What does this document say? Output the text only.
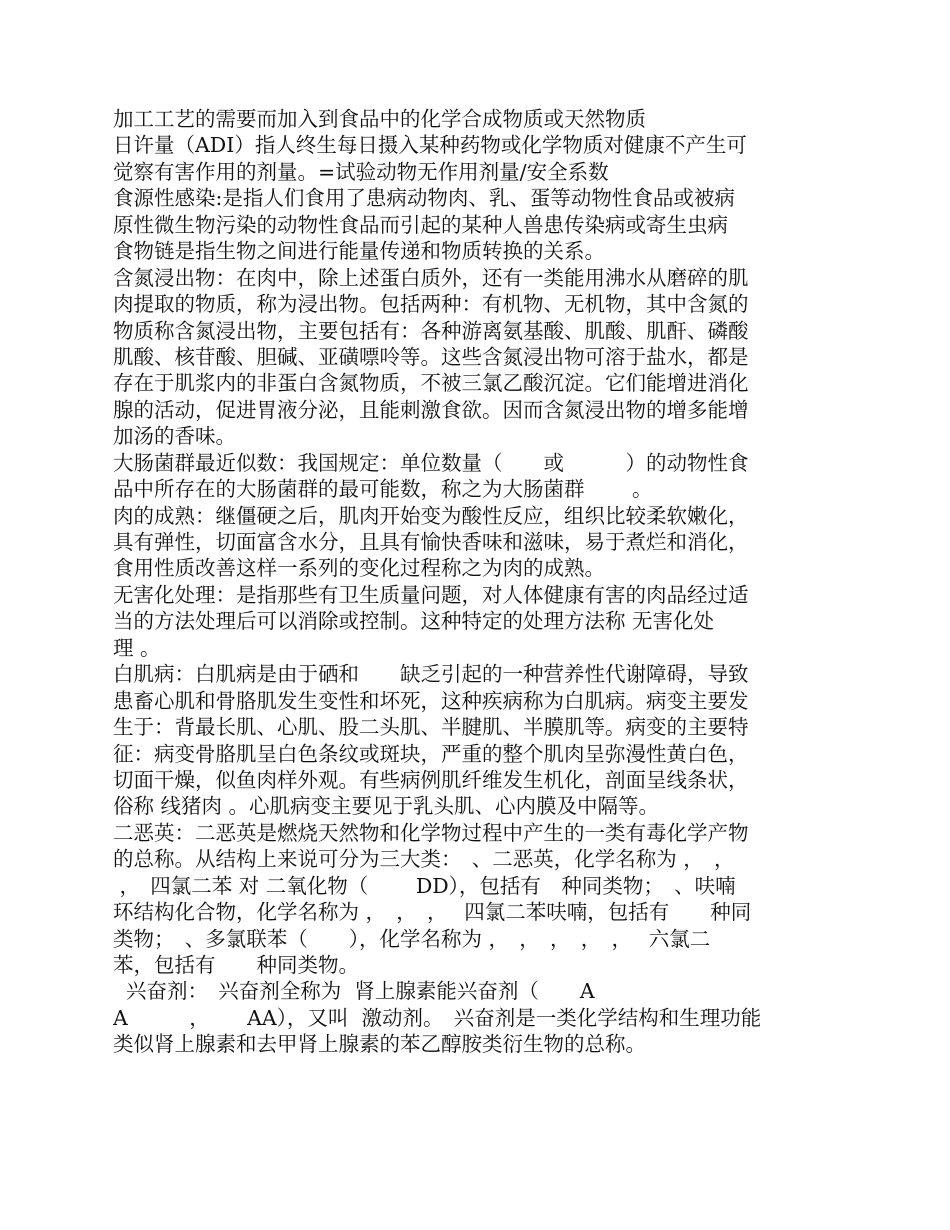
加工工艺的需要而加入到食品中的化学合成物质或天然物质
日许量（ADI）指人终生每日摄入某种药物或化学物质对健康不产生可
觉察有害作用的剂量。=试验动物无作用剂量/安全系数
食源性感染:是指人们食用了患病动物肉、乳、蛋等动物性食品或被病
原性微生物污染的动物性食品而引起的某种人兽患传染病或寄生虫病
食物链是指生物之间进行能量传递和物质转换的关系。
含氮浸出物：在肉中，除上述蛋白质外，还有一类能用沸水从磨碎的肌
肉提取的物质，称为浸出物。包括两种：有机物、无机物，其中含氮的
物质称含氮浸出物，主要包括有：各种游离氨基酸、肌酸、肌酐、磷酸
肌酸、核苷酸、胆碱、亚磺嘌呤等。这些含氮浸出物可溶于盐水，都是
存在于肌浆内的非蛋白含氮物质，不被三氯乙酸沉淀。它们能增进消化
腺的活动，促进胃液分泌，且能刺激食欲。因而含氮浸出物的增多能增
加汤的香味。
大肠菌群最近似数：我国规定：单位数量（　　或　　　）的动物性食
品中所存在的大肠菌群的最可能数，称之为大肠菌群　　 。
肉的成熟：继僵硬之后，肌肉开始变为酸性反应，组织比较柔软嫩化，
具有弹性，切面富含水分，且具有愉快香味和滋味，易于煮烂和消化，
食用性质改善这样一系列的变化过程称之为肉的成熟。
无害化处理：是指那些有卫生质量问题，对人体健康有害的肉品经过适
当的方法处理后可以消除或控制。这种特定的处理方法称 无害化处
理 。
白肌病：白肌病是由于硒和　　缺乏引起的一种营养性代谢障碍，导致
患畜心肌和骨胳肌发生变性和坏死，这种疾病称为白肌病。病变主要发
生于：背最长肌、心肌、股二头肌、半腱肌、半膜肌等。病变的主要特
征：病变骨胳肌呈白色条纹或斑块，严重的整个肌肉呈弥漫性黄白色，
切面干燥，似鱼肉样外观。有些病例肌纤维发生机化，剖面呈线条状，
俗称 线猪肉 。心肌病变主要见于乳头肌、心内膜及中隔等。
二恶英：二恶英是燃烧天然物和化学物过程中产生的一类有毒化学产物
的总称。从结构上来说可分为三大类：　、二恶英，化学名称为 ，　，
，　四氯二苯 对 二氧化物（　　 DD），包括有　种同类物；　、呋喃
环结构化合物，化学名称为 ，　，　，　 四氯二苯呋喃，包括有　　种同
类物；　、多氯联苯（　　），化学名称为 ，　，　，　，　，　 六氯二
苯，包括有　　种同类物。
兴奋剂：　兴奋剂全称为  肾上腺素能兴奋剂（　　A
A　　　，　　 AA），又叫  激动剂。　兴奋剂是一类化学结构和生理功能
类似肾上腺素和去甲肾上腺素的苯乙醇胺类衍生物的总称。
